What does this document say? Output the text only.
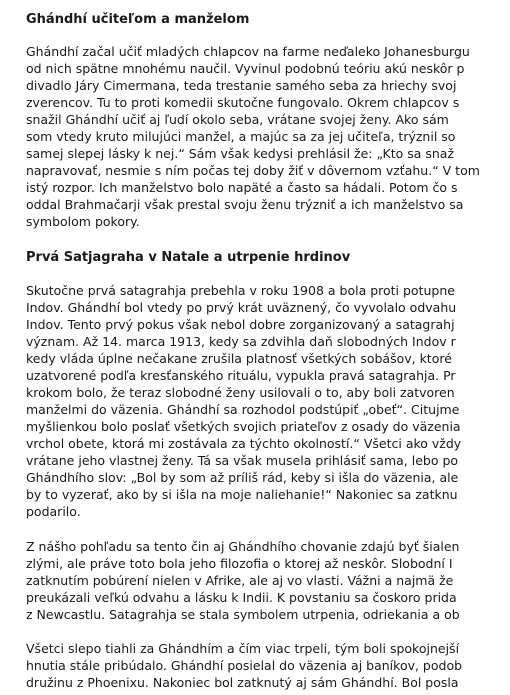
Ghándhí učiteľom a manželom
Ghándhí začal učiť mladých chlapcov na farme neďaleko Johanesburgu
od nich spätne mnohému naučil. Vyvinul podobnú teóriu akú neskôr p
divadlo Járy Cimermana, teda trestanie samého seba za hriechy svoj
zverencov. Tu to proti komedii skutočne fungovalo. Okrem chlapcov s
snažil Ghándhí učiť aj ľudí okolo seba, vrátane svojej ženy. Ako sám
som vtedy kruto milujúci manžel, a majúc sa za jej učiteľa, trýznil so
samej slepej lásky k nej.“ Sám však kedysi prehlásil že: „Kto sa snaž
napravovať, nesmie s ním počas tej doby žiť v dôvernom vzťahu.“ V tom
istý rozpor. Ich manželstvo bolo napäté a často sa hádali. Potom čo s
oddal Brahmačarji však prestal svoju ženu trýzniť a ich manželstvo sa
symbolom pokory.
Prvá Satjagraha v Natale a utrpenie hrdinov
Skutočne prvá satagrahja prebehla v roku 1908 a bola proti potupne
Indov. Ghándhí bol vtedy po prvý krát uväznený, čo vyvolalo odvahu
Indov. Tento prvý pokus však nebol dobre zorganizovaný a satagrahj
význam. Až 14. marca 1913, kedy sa zdvihla daň slobodných Indov r
kedy vláda úplne nečakane zrušila platnosť všetkých sobášov, ktoré
uzatvorené podľa kresťanského rituálu, vypukla pravá satagrahja. Pr
krokom bolo, že teraz slobodné ženy usilovali o to, aby boli zatvoren
manželmi do väzenia. Ghándhí sa rozhodol podstúpiť „obeť“. Citujme
myšlienkou bolo poslať všetkých svojich priateľov z osady do väzenia
vrchol obete, ktorá mi zostávala za týchto okolností.“ Všetci ako vždy
vrátane jeho vlastnej ženy. Tá sa však musela prihlásiť sama, lebo po
Ghándhího slov: „Bol by som až príliš rád, keby si išla do väzenia, ale
by to vyzerať, ako by si išla na moje naliehanie!“ Nakoniec sa zatknu
podarilo.
Z nášho pohľadu sa tento čin aj Ghándhího chovanie zdajú byť šialen
zlými, ale práve toto bola jeho filozofia o ktorej až neskôr. Slobodní I
zatknutím pobúrení nielen v Afrike, ale aj vo vlasti. Vážni a najmä že
preukázali veľkú odvahu a lásku k Indii. K povstaniu sa čoskoro prida
z Newcastlu. Satagrahja se stala symbolem utrpenia, odriekania a ob
Všetci slepo tiahli za Ghándhím a čím viac trpeli, tým boli spokojnejší
hnutia stále pribúdalo. Ghándhí posielal do väzenia aj baníkov, podob
družinu z Phoenixu. Nakoniec bol zatknutý aj sám Ghándhí. Bol posla
